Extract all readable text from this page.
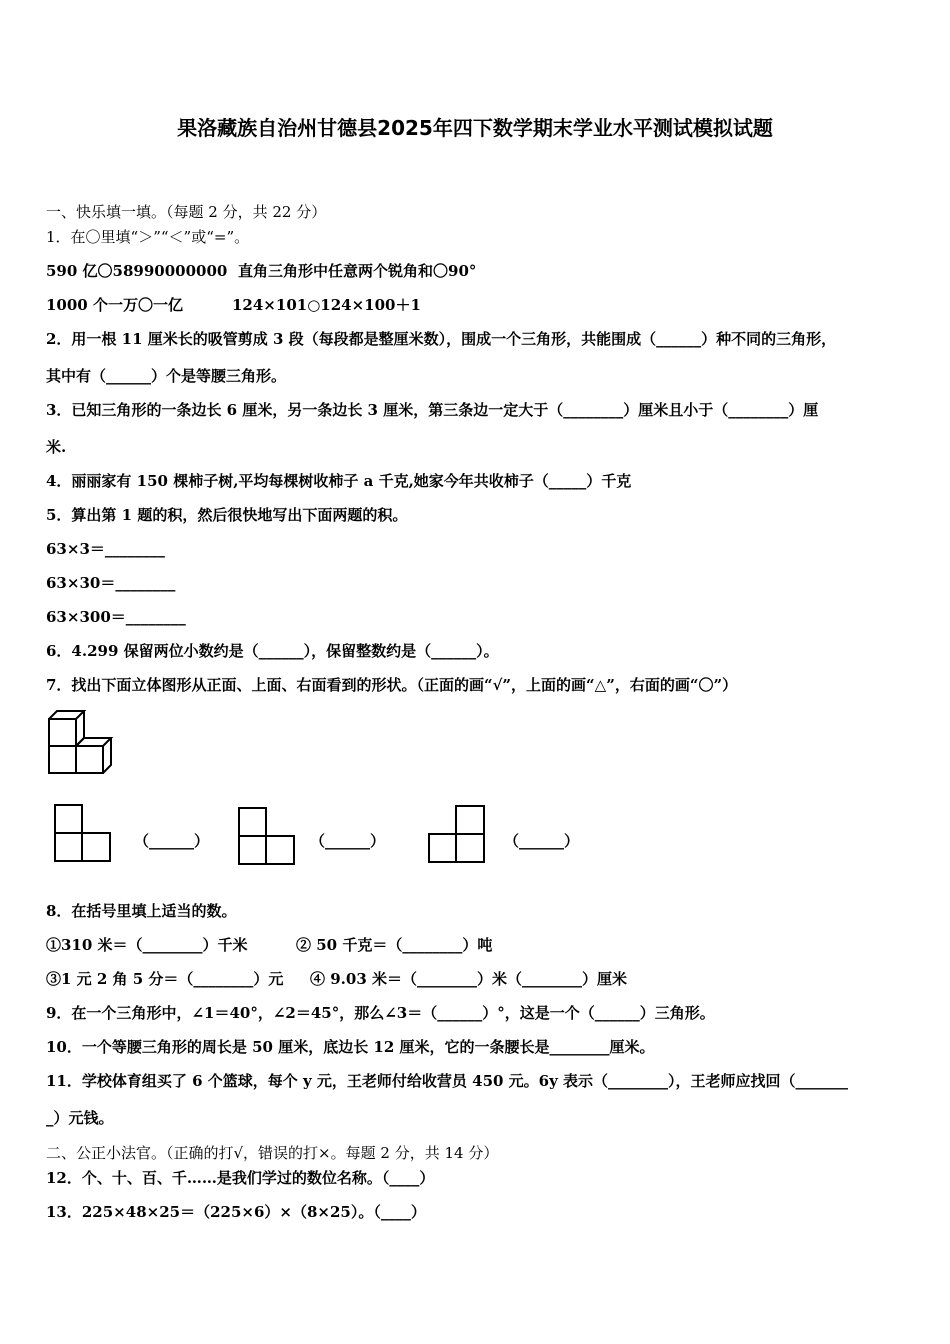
果洛藏族自治州甘德县2025年四下数学期末学业水平测试模拟试题
一、快乐填一填。（每题 2 分，共 22 分）
1．在〇里填“＞”“＜”或“=”。
590 亿〇58990000000 直角三角形中任意两个锐角和〇90°
1000 个一万〇一亿	124×101○124×100＋1
2．用一根 11 厘米长的吸管剪成 3 段（每段都是整厘米数），围成一个三角形，共能围成（______）种不同的三角形，
其中有（______）个是等腰三角形。
3．已知三角形的一条边长 6 厘米，另一条边长 3 厘米，第三条边一定大于（________）厘米且小于（________）厘
米.
4．丽丽家有 150 棵柿子树,平均每棵树收柿子 a 千克,她家今年共收柿子（_____）千克
5．算出第 1 题的积，然后很快地写出下面两题的积。
63×3＝________
63×30＝________
63×300＝________
6．4.299 保留两位小数约是（______），保留整数约是（______）。
7．找出下面立体图形从正面、上面、右面看到的形状。（正面的画“√”，上面的画“△”，右面的画“〇”）
（______）	（______）	（______）
8．在括号里填上适当的数。
①310 米＝（________）千米	② 50 千克＝（________）吨
③1 元 2 角 5 分＝（________）元 ④ 9.03 米＝（________）米（________）厘米
9．在一个三角形中，∠1＝40°，∠2＝45°，那么∠3＝（______）°，这是一个（______）三角形。
10．一个等腰三角形的周长是 50 厘米，底边长 12 厘米，它的一条腰长是________厘米。
11．学校体育组买了 6 个篮球，每个 y 元，王老师付给收营员 450 元。6y 表示（________），王老师应找回（_______
_）元钱。
二、公正小法官。（正确的打√，错误的打×。每题 2 分，共 14 分）
12．个、十、百、千……是我们学过的数位名称。（____）
13．225×48×25＝（225×6）×（8×25）。（____）
